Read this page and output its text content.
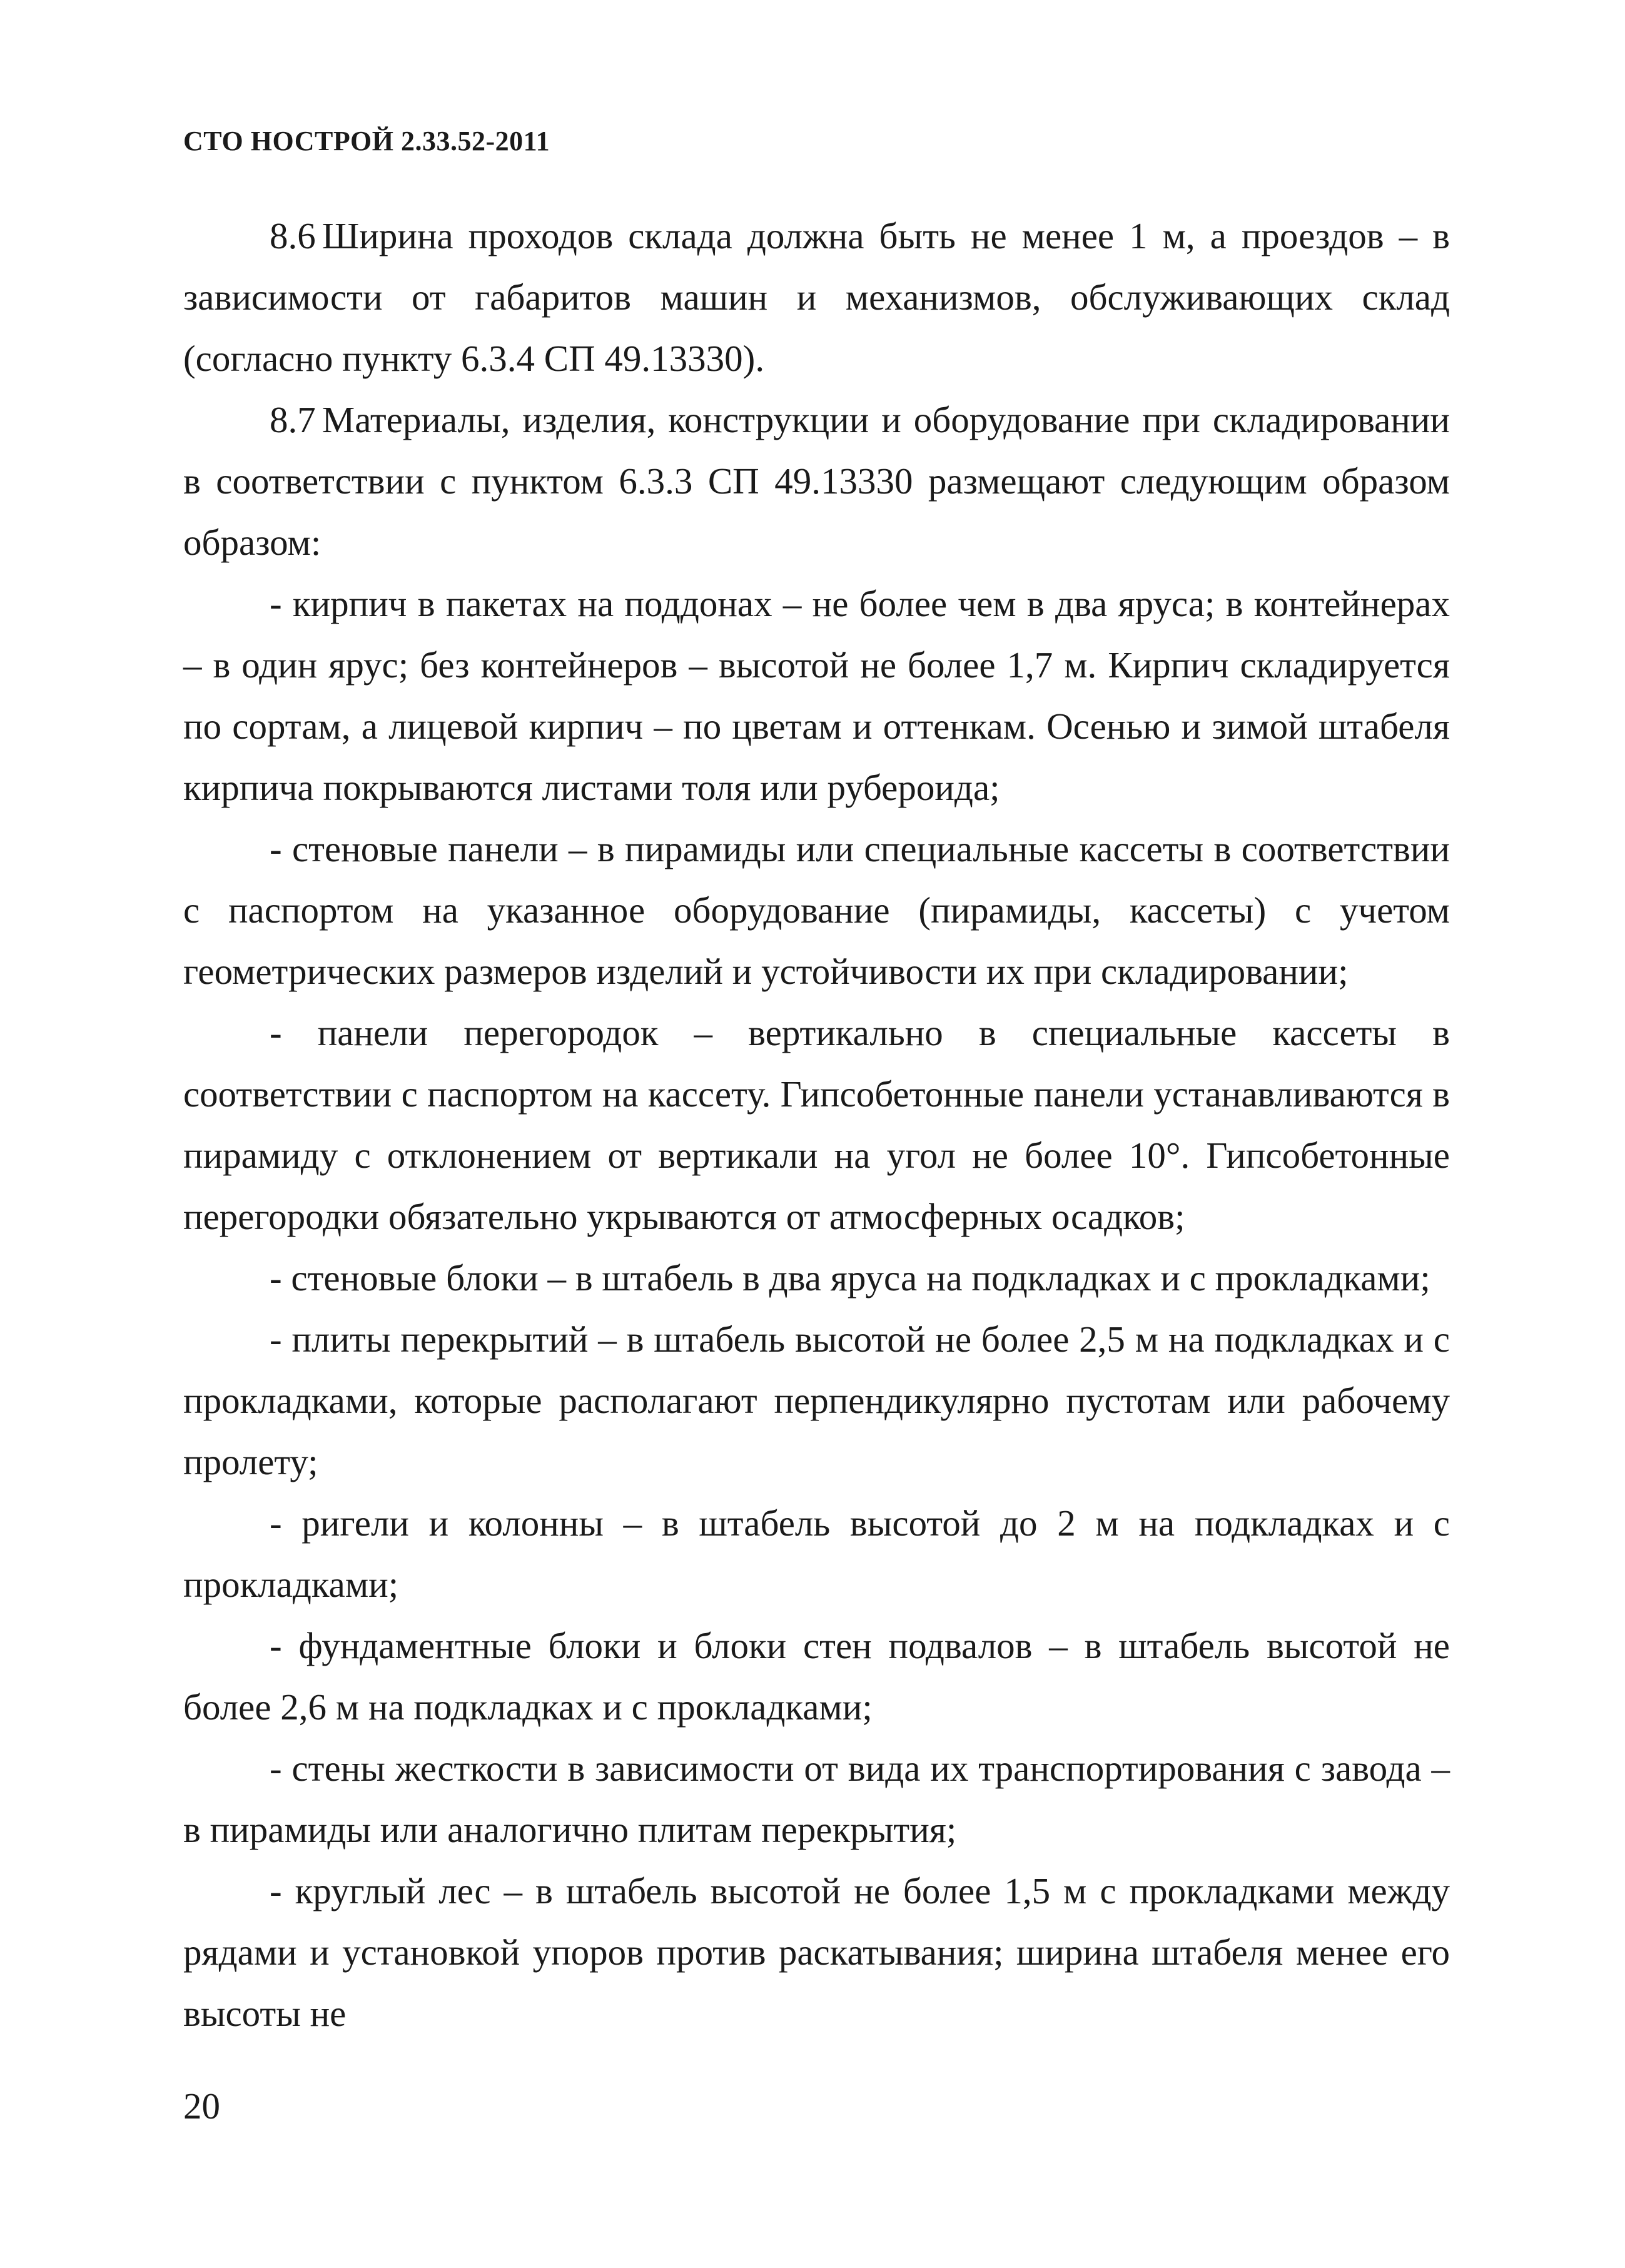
СТО НОСТРОЙ 2.33.52-2011

8.6 Ширина проходов склада должна быть не менее 1 м, а проездов – в зависимости от габаритов машин и механизмов, обслуживающих склад (согласно пункту 6.3.4 СП 49.13330).

8.7 Материалы, изделия, конструкции и оборудование при складировании в соответствии с пунктом 6.3.3 СП 49.13330 размещают следующим образом образом:

- кирпич в пакетах на поддонах – не более чем в два яруса; в контейнерах – в один ярус; без контейнеров – высотой не более 1,7 м. Кирпич складируется по сортам, а лицевой кирпич – по цветам и оттенкам. Осенью и зимой штабеля кирпича покрываются листами толя или рубероида;

- стеновые панели – в пирамиды или специальные кассеты в соответствии с паспортом на указанное оборудование (пирамиды, кассеты) с учетом геометрических размеров изделий и устойчивости их при складировании;

- панели перегородок – вертикально в специальные кассеты в соответствии с паспортом на кассету. Гипсобетонные панели устанавливаются в пирамиду с отклонением от вертикали на угол не более 10°. Гипсобетонные перегородки обязательно укрываются от атмосферных осадков;

- стеновые блоки – в штабель в два яруса на подкладках и с прокладками;

- плиты перекрытий – в штабель высотой не более 2,5 м на подкладках и с прокладками, которые располагают перпендикулярно пустотам или рабочему пролету;

- ригели и колонны – в штабель высотой до 2 м на подкладках и с прокладками;

- фундаментные блоки и блоки стен подвалов – в штабель высотой не более 2,6 м на подкладках и с прокладками;

- стены жесткости в зависимости от вида их транспортирования с завода – в пирамиды или аналогично плитам перекрытия;

- круглый лес – в штабель высотой не более 1,5 м с прокладками между рядами и установкой упоров против раскатывания; ширина штабеля менее его высоты не

20
